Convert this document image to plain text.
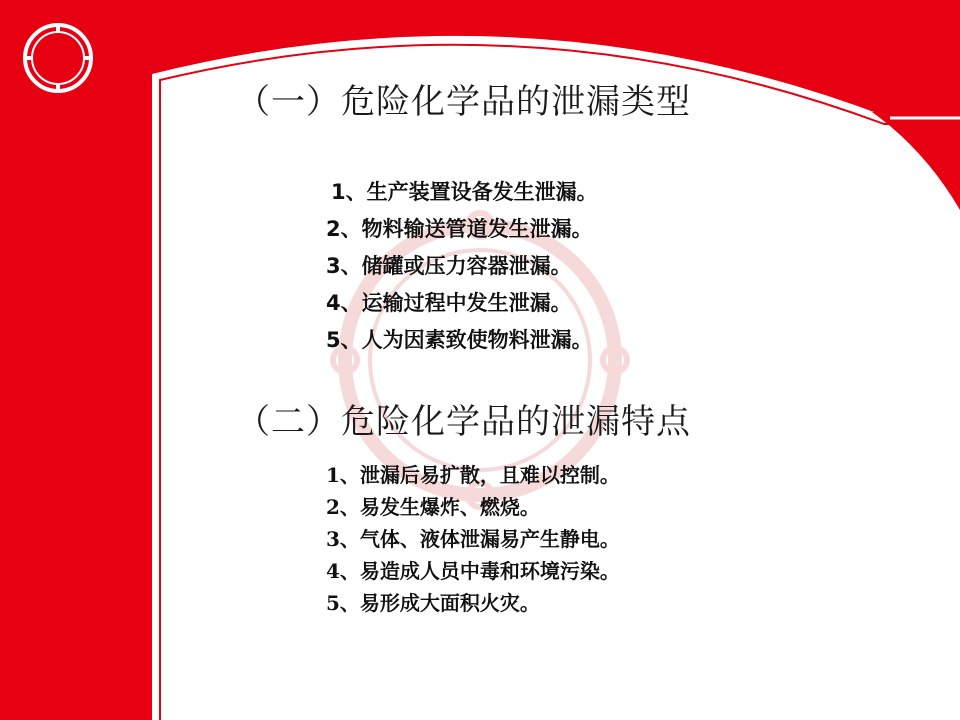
（一）危险化学品的泄漏类型
1、生产装置设备发生泄漏。
2、物料输送管道发生泄漏。
3、储罐或压力容器泄漏。
4、运输过程中发生泄漏。
5、人为因素致使物料泄漏。
（二）危险化学品的泄漏特点
1、泄漏后易扩散，且难以控制。
2、易发生爆炸、燃烧。
3、气体、液体泄漏易产生静电。
4、易造成人员中毒和环境污染。
5、易形成大面积火灾。
